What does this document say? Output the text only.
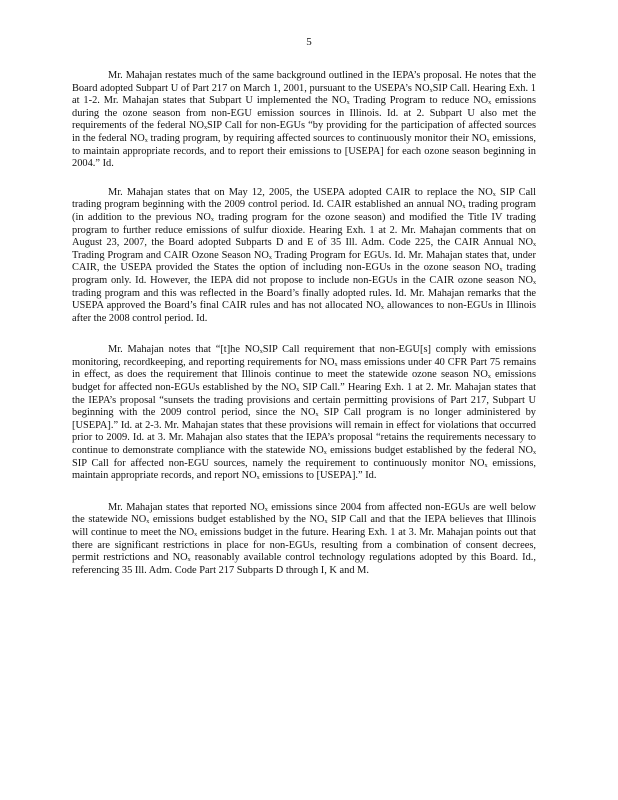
5

Mr. Mahajan restates much of the same background outlined in the IEPA’s proposal. He notes that the Board adopted Subpart U of Part 217 on March 1, 2001, pursuant to the USEPA’s NOₓSIP Call. Hearing Exh. 1 at 1-2. Mr. Mahajan states that Subpart U implemented the NOₓ Trading Program to reduce NOₓ emissions during the ozone season from non-EGU emission sources in Illinois. Id. at 2. Subpart U also met the requirements of the federal NOₓSIP Call for non-EGUs “by providing for the participation of affected sources in the federal NOₓ trading program, by requiring affected sources to continuously monitor their NOₓ emissions, to maintain appropriate records, and to report their emissions to [USEPA] for each ozone season beginning in 2004.” Id.

Mr. Mahajan states that on May 12, 2005, the USEPA adopted CAIR to replace the NOₓ SIP Call trading program beginning with the 2009 control period. Id. CAIR established an annual NOₓ trading program (in addition to the previous NOₓ trading program for the ozone season) and modified the Title IV trading program to further reduce emissions of sulfur dioxide. Hearing Exh. 1 at 2. Mr. Mahajan comments that on August 23, 2007, the Board adopted Subparts D and E of 35 Ill. Adm. Code 225, the CAIR Annual NOₓ Trading Program and CAIR Ozone Season NOₓ Trading Program for EGUs. Id. Mr. Mahajan states that, under CAIR, the USEPA provided the States the option of including non-EGUs in the ozone season NOₓ trading program only. Id. However, the IEPA did not propose to include non-EGUs in the CAIR ozone season NOₓ trading program and this was reflected in the Board’s finally adopted rules. Id. Mr. Mahajan remarks that the USEPA approved the Board’s final CAIR rules and has not allocated NOₓ allowances to non-EGUs in Illinois after the 2008 control period. Id.

Mr. Mahajan notes that “[t]he NOₓSIP Call requirement that non-EGU[s] comply with emissions monitoring, recordkeeping, and reporting requirements for NOₓ mass emissions under 40 CFR Part 75 remains in effect, as does the requirement that Illinois continue to meet the statewide ozone season NOₓ emissions budget for affected non-EGUs established by the NOₓ SIP Call.” Hearing Exh. 1 at 2. Mr. Mahajan states that the IEPA’s proposal “sunsets the trading provisions and certain permitting provisions of Part 217, Subpart U beginning with the 2009 control period, since the NOₓ SIP Call program is no longer administered by [USEPA].” Id. at 2-3. Mr. Mahajan states that these provisions will remain in effect for violations that occurred prior to 2009. Id. at 3. Mr. Mahajan also states that the IEPA’s proposal “retains the requirements necessary to continue to demonstrate compliance with the statewide NOₓ emissions budget established by the federal NOₓ SIP Call for affected non-EGU sources, namely the requirement to continuously monitor NOₓ emissions, maintain appropriate records, and report NOₓ emissions to [USEPA].” Id.

Mr. Mahajan states that reported NOₓ emissions since 2004 from affected non-EGUs are well below the statewide NOₓ emissions budget established by the NOₓ SIP Call and that the IEPA believes that Illinois will continue to meet the NOₓ emissions budget in the future. Hearing Exh. 1 at 3. Mr. Mahajan points out that there are significant restrictions in place for non-EGUs, resulting from a combination of consent decrees, permit restrictions and NOₓ reasonably available control technology regulations adopted by this Board. Id., referencing 35 Ill. Adm. Code Part 217 Subparts D through I, K and M.
